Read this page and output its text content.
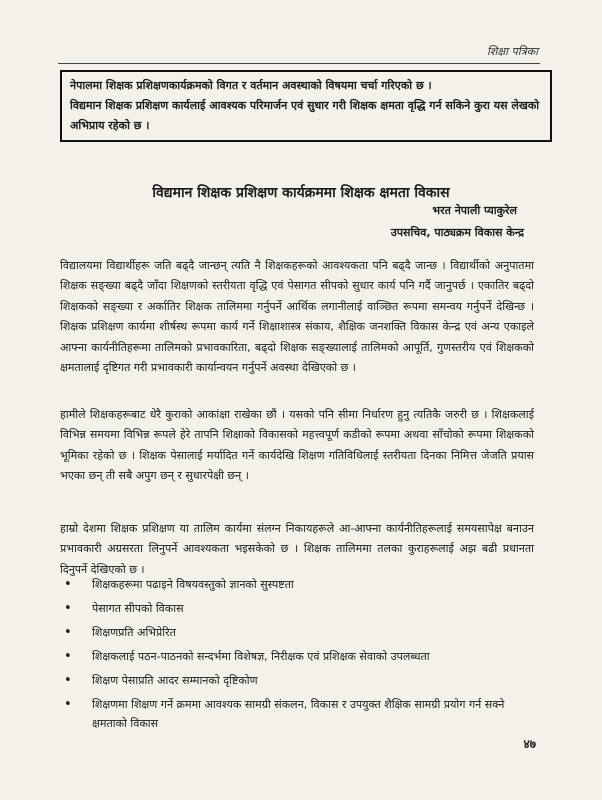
शिक्षा पत्रिका

नेपालमा शिक्षक प्रशिक्षणकार्यक्रमको विगत र वर्तमान अवस्थाको विषयमा चर्चा गरिएको छ ।

विद्यमान शिक्षक प्रशिक्षण कार्यलाई आवश्यक परिमार्जन एवं सुधार गरी शिक्षक क्षमता वृद्धि गर्न सकिने कुरा यस लेखको अभिप्राय रहेको छ ।

विद्यमान शिक्षक प्रशिक्षण कार्यक्रममा शिक्षक क्षमता विकास
भरत नेपाली प्याकुरेल
उपसचिव, पाठ्यक्रम विकास केन्द्र

विद्यालयमा विद्यार्थीहरू जति बढ्दै जान्छन् त्यति नै शिक्षकहरूको आवश्यकता पनि बढ्दै जान्छ । विद्यार्थीको अनुपातमा शिक्षक सङ्ख्या बढ्दै जाँदा शिक्षणको स्तरीयता वृद्धि एवं पेसागत सीपको सुधार कार्य पनि गर्दै जानुपर्छ । एकातिर बढ्दो शिक्षकको सङ्ख्या र अर्कातिर शिक्षक तालिममा गर्नुपर्ने आर्थिक लगानीलाई वाञ्छित रूपमा समन्वय गर्नुपर्ने देखिन्छ । शिक्षक प्रशिक्षण कार्यमा शीर्षस्थ रूपमा कार्य गर्ने शिक्षाशास्त्र संकाय, शैक्षिक जनशक्ति विकास केन्द्र एवं अन्य एकाइले आफ्ना कार्यनीतिहरूमा तालिमको प्रभावकारिता, बढ्दो शिक्षक सङ्ख्यालाई तालिमको आपूर्ति, गुणस्तरीय एवं शिक्षकको क्षमतालाई दृष्टिगत गरी प्रभावकारी कार्यान्वयन गर्नुपर्ने अवस्था देखिएको छ ।

हामीले शिक्षकहरूबाट धेरै कुराको आकांक्षा राखेका छौं । यसको पनि सीमा निर्धारण हुनु त्यतिकै जरुरी छ । शिक्षकलाई विभिन्न समयमा विभिन्न रूपले हेरे तापनि शिक्षाको विकासको महत्त्वपूर्ण कडीको रूपमा अथवा साँचोको रूपमा शिक्षकको भूमिका रहेको छ । शिक्षक पेसालाई मर्यादित गर्ने कार्यदेखि शिक्षण गतिविधिलाई स्तरीयता दिनका निमित्त जेजति प्रयास भएका छन् ती सबै अपुग छन् र सुधारपेक्षी छन् ।

हाम्रो देशमा शिक्षक प्रशिक्षण या तालिम कार्यमा संलग्न निकायहरूले आ-आफ्ना कार्यनीतिहरूलाई समयसापेक्ष बनाउन प्रभावकारी अग्रसरता लिनुपर्ने आवश्यकता भइसकेको छ । शिक्षक तालिममा तलका कुराहरूलाई अझ बढी प्रधानता दिनुपर्ने देखिएको छ ।

• शिक्षकहरूमा पढाइने विषयवस्तुको ज्ञानको सुस्पष्टता
• पेसागत सीपको विकास
• शिक्षणप्रति अभिप्रेरित
• शिक्षकलाई पठन-पाठनको सन्दर्भमा विशेषज्ञ, निरीक्षक एवं प्रशिक्षक सेवाको उपलब्धता
• शिक्षण पेसाप्रति आदर सम्मानको दृष्टिकोण
• शिक्षणमा शिक्षण गर्ने क्रममा आवश्यक सामग्री संकलन, विकास र उपयुक्त शैक्षिक सामग्री प्रयोग गर्न सक्ने क्षमताको विकास
४७
